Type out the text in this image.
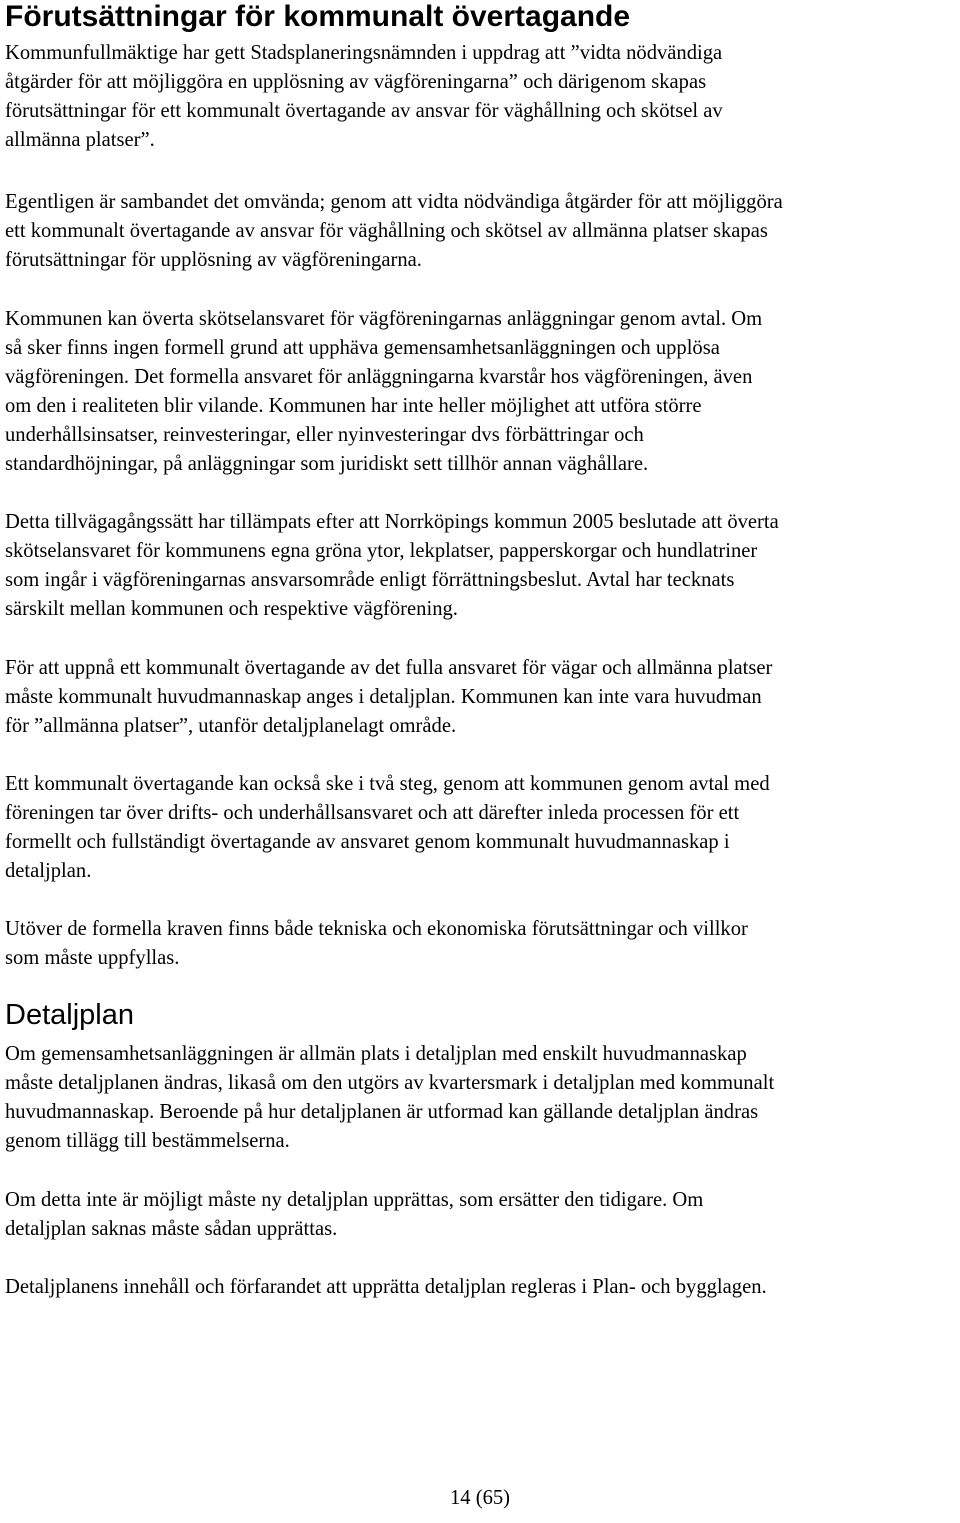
Förutsättningar för kommunalt övertagande

Kommunfullmäktige har gett Stadsplaneringsnämnden i uppdrag att ”vidta nödvändiga
åtgärder för att möjliggöra en upplösning av vägföreningarna” och därigenom skapas
förutsättningar för ett kommunalt övertagande av ansvar för väghållning och skötsel av
allmänna platser”.

Egentligen är sambandet det omvända; genom att vidta nödvändiga åtgärder för att möjliggöra
ett kommunalt övertagande av ansvar för väghållning och skötsel av allmänna platser skapas
förutsättningar för upplösning av vägföreningarna.

Kommunen kan överta skötselansvaret för vägföreningarnas anläggningar genom avtal. Om
så sker finns ingen formell grund att upphäva gemensamhetsanläggningen och upplösa
vägföreningen. Det formella ansvaret för anläggningarna kvarstår hos vägföreningen, även
om den i realiteten blir vilande. Kommunen har inte heller möjlighet att utföra större
underhållsinsatser, reinvesteringar, eller nyinvesteringar dvs förbättringar och
standardhöjningar, på anläggningar som juridiskt sett tillhör annan väghållare.

Detta tillvägagångssätt har tillämpats efter att Norrköpings kommun 2005 beslutade att överta
skötselansvaret för kommunens egna gröna ytor, lekplatser, papperskorgar och hundlatriner
som ingår i vägföreningarnas ansvarsområde enligt förrättningsbeslut. Avtal har tecknats
särskilt mellan kommunen och respektive vägförening.

För att uppnå ett kommunalt övertagande av det fulla ansvaret för vägar och allmänna platser
måste kommunalt huvudmannaskap anges i detaljplan. Kommunen kan inte vara huvudman
för ”allmänna platser”, utanför detaljplanelagt område.

Ett kommunalt övertagande kan också ske i två steg, genom att kommunen genom avtal med
föreningen tar över drifts- och underhållsansvaret och att därefter inleda processen för ett
formellt och fullständigt övertagande av ansvaret genom kommunalt huvudmannaskap i
detaljplan.

Utöver de formella kraven finns både tekniska och ekonomiska förutsättningar och villkor
som måste uppfyllas.

Detaljplan

Om gemensamhetsanläggningen är allmän plats i detaljplan med enskilt huvudmannaskap
måste detaljplanen ändras, likaså om den utgörs av kvartersmark i detaljplan med kommunalt
huvudmannaskap. Beroende på hur detaljplanen är utformad kan gällande detaljplan ändras
genom tillägg till bestämmelserna.

Om detta inte är möjligt måste ny detaljplan upprättas, som ersätter den tidigare. Om
detaljplan saknas måste sådan upprättas.

Detaljplanens innehåll och förfarandet att upprätta detaljplan regleras i Plan- och bygglagen.

14 (65)
